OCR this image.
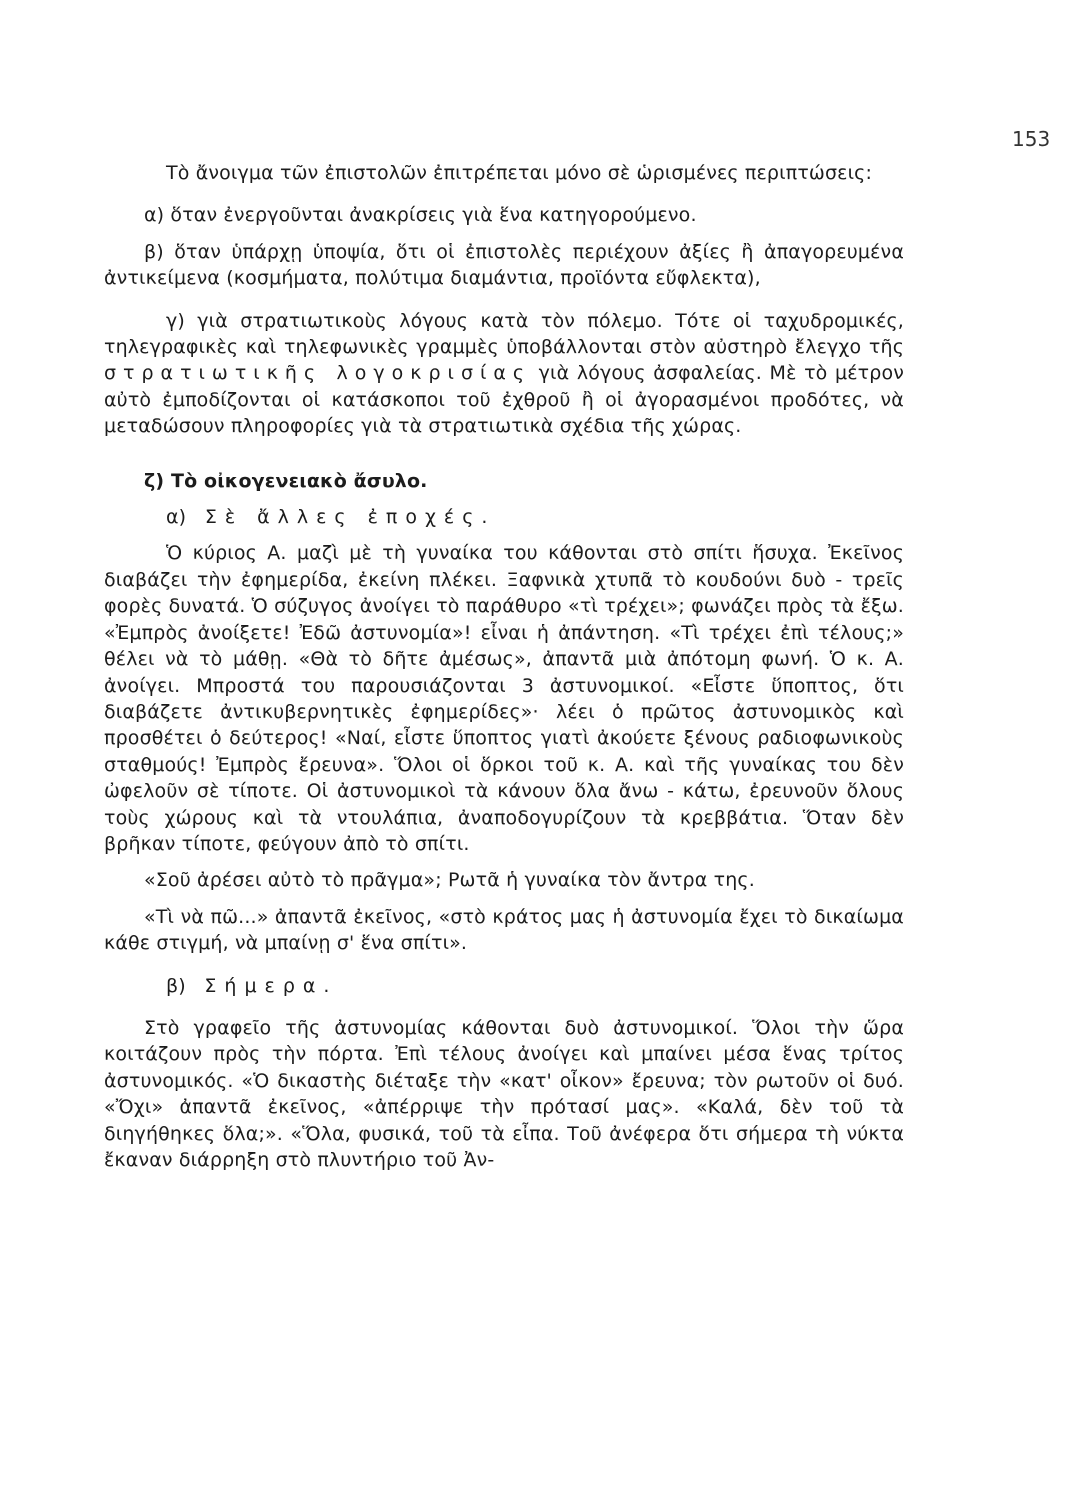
153

Τὸ ἄνοιγμα τῶν ἐπιστολῶν ἐπιτρέπεται μόνο σὲ ὡρισμένες περιπτώσεις:

α) ὅταν ἐνεργοῦνται ἀνακρίσεις γιὰ ἕνα κατηγορούμενο.

β) ὅταν ὑπάρχῃ ὑποψία, ὅτι οἱ ἐπιστολὲς περιέχουν ἀξίες ἢ ἀπαγορευμένα ἀντικείμενα (κοσμήματα, πολύτιμα διαμάντια, προϊόντα εὔφλεκτα),

γ) γιὰ στρατιωτικοὺς λόγους κατὰ τὸν πόλεμο. Τότε οἱ ταχυδρομικές, τηλεγραφικὲς καὶ τηλεφωνικὲς γραμμὲς ὑποβάλλονται στὸν αὐστηρὸ ἔλεγχο τῆς στρατιωτικῆς λογοκρισίας γιὰ λόγους ἀσφαλείας. Μὲ τὸ μέτρον αὐτὸ ἐμποδίζονται οἱ κατάσκοποι τοῦ ἐχθροῦ ἢ οἱ ἀγορασμένοι προδότες, νὰ μεταδώσουν πληροφορίες γιὰ τὰ στρατιωτικὰ σχέδια τῆς χώρας.

ζ) Τὸ οἰκογενειακὸ ἄσυλο.

α) Σὲ ἄλλες ἐποχές.

Ὁ κύριος Α. μαζὶ μὲ τὴ γυναίκα του κάθονται στὸ σπίτι ἥσυχα. Ἐκεῖνος διαβάζει τὴν ἐφημερίδα, ἐκείνη πλέκει. Ξαφνικὰ χτυπᾶ τὸ κουδούνι δυὸ - τρεῖς φορὲς δυνατά. Ὁ σύζυγος ἀνοίγει τὸ παράθυρο «τὶ τρέχει»; φωνάζει πρὸς τὰ ἔξω. «Ἐμπρὸς ἀνοίξετε! Ἐδῶ ἀστυνομία»! εἶναι ἡ ἀπάντηση. «Τὶ τρέχει ἐπὶ τέλους;» θέλει νὰ τὸ μάθῃ. «Θὰ τὸ δῆτε ἀμέσως», ἀπαντᾶ μιὰ ἀπότομη φωνή. Ὁ κ. Α. ἀνοίγει. Μπροστά του παρουσιάζονται 3 ἀστυνομικοί. «Εἶστε ὕποπτος, ὅτι διαβάζετε ἀντικυβερνητικὲς ἐφημερίδες»· λέει ὁ πρῶτος ἀστυνομικὸς καὶ προσθέτει ὁ δεύτερος! «Ναί, εἶστε ὕποπτος γιατὶ ἀκούετε ξένους ραδιοφωνικοὺς σταθμούς! Ἐμπρὸς ἔρευνα». Ὅλοι οἱ ὅρκοι τοῦ κ. Α. καὶ τῆς γυναίκας του δὲν ὠφελοῦν σὲ τίποτε. Οἱ ἀστυνομικοὶ τὰ κάνουν ὅλα ἄνω - κάτω, ἐρευνοῦν ὅλους τοὺς χώρους καὶ τὰ ντουλάπια, ἀναποδογυρίζουν τὰ κρεββάτια. Ὅταν δὲν βρῆκαν τίποτε, φεύγουν ἀπὸ τὸ σπίτι.

«Σοῦ ἀρέσει αὐτὸ τὸ πρᾶγμα»; Ρωτᾶ ἡ γυναίκα τὸν ἄντρα της.

«Τὶ νὰ πῶ...» ἀπαντᾶ ἐκεῖνος, «στὸ κράτος μας ἡ ἀστυνομία ἔχει τὸ δικαίωμα κάθε στιγμή, νὰ μπαίνῃ σ' ἕνα σπίτι».

β) Σήμερα.

Στὸ γραφεῖο τῆς ἀστυνομίας κάθονται δυὸ ἀστυνομικοί. Ὅλοι τὴν ὥρα κοιτάζουν πρὸς τὴν πόρτα. Ἐπὶ τέλους ἀνοίγει καὶ μπαίνει μέσα ἕνας τρίτος ἀστυνομικός. «Ὁ δικαστὴς διέταξε τὴν «κατ' οἶκον» ἔρευνα; τὸν ρωτοῦν οἱ δυό. «Ὄχι» ἀπαντᾶ ἐκεῖνος, «ἀπέρριψε τὴν πρότασί μας». «Καλά, δὲν τοῦ τὰ διηγήθηκες ὅλα;». «Ὅλα, φυσικά, τοῦ τὰ εἶπα. Τοῦ ἀνέφερα ὅτι σήμερα τὴ νύκτα ἔκαναν διάρρηξη στὸ πλυντήριο τοῦ Ἀν-
